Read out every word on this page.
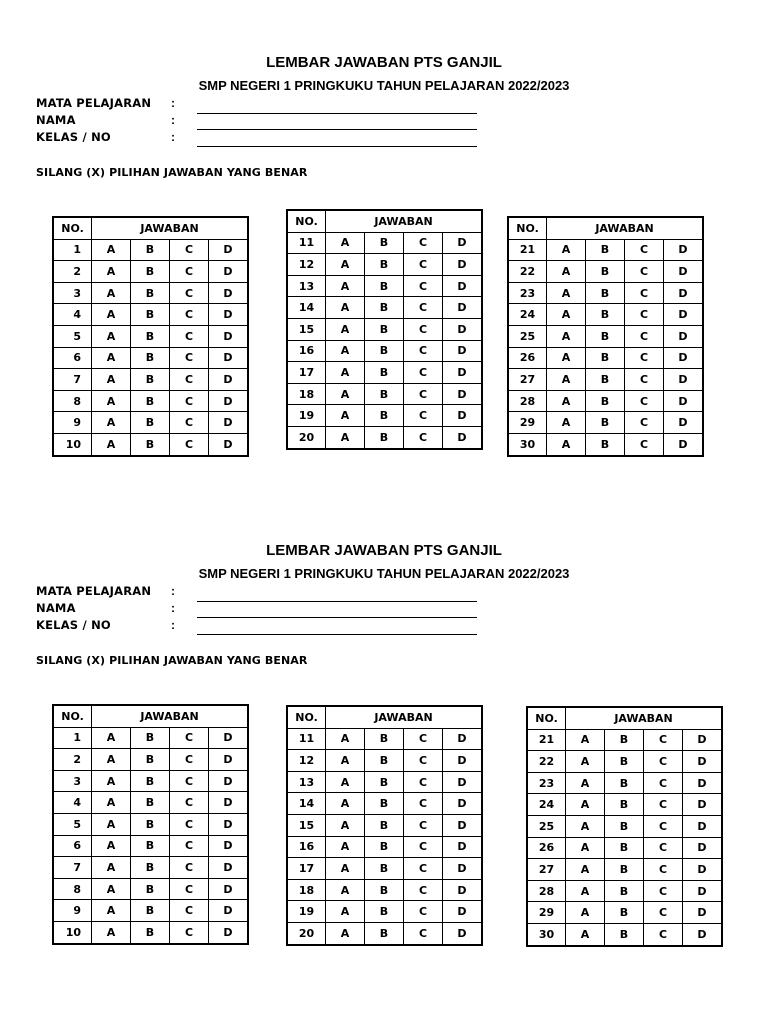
LEMBAR JAWABAN PTS GANJIL
SMP NEGERI 1 PRINGKUKU TAHUN PELAJARAN 2022/2023
MATA PELAJARAN :
NAMA	:
KELAS / NO	:
SILANG (X) PILIHAN JAWABAN YANG BENAR
NO.	JAWABAN			
1	A	B	C	D
2	A	B	C	D
3	A	B	C	D
4	A	B	C	D
5	A	B	C	D
6	A	B	C	D
7	A	B	C	D
8	A	B	C	D
9	A	B	C	D
10	A	B	C	D
NO.	JAWABAN			
11	A	B	C	D
12	A	B	C	D
13	A	B	C	D
14	A	B	C	D
15	A	B	C	D
16	A	B	C	D
17	A	B	C	D
18	A	B	C	D
19	A	B	C	D
20	A	B	C	D
NO.	JAWABAN			
21	A	B	C	D
22	A	B	C	D
23	A	B	C	D
24	A	B	C	D
25	A	B	C	D
26	A	B	C	D
27	A	B	C	D
28	A	B	C	D
29	A	B	C	D
30	A	B	C	D
LEMBAR JAWABAN PTS GANJIL
SMP NEGERI 1 PRINGKUKU TAHUN PELAJARAN 2022/2023
MATA PELAJARAN :
NAMA	:
KELAS / NO	:
SILANG (X) PILIHAN JAWABAN YANG BENAR
NO.	JAWABAN			
1	A	B	C	D
2	A	B	C	D
3	A	B	C	D
4	A	B	C	D
5	A	B	C	D
6	A	B	C	D
7	A	B	C	D
8	A	B	C	D
9	A	B	C	D
10	A	B	C	D
NO.	JAWABAN			
11	A	B	C	D
12	A	B	C	D
13	A	B	C	D
14	A	B	C	D
15	A	B	C	D
16	A	B	C	D
17	A	B	C	D
18	A	B	C	D
19	A	B	C	D
20	A	B	C	D
NO.	JAWABAN			
21	A	B	C	D
22	A	B	C	D
23	A	B	C	D
24	A	B	C	D
25	A	B	C	D
26	A	B	C	D
27	A	B	C	D
28	A	B	C	D
29	A	B	C	D
30	A	B	C	D
